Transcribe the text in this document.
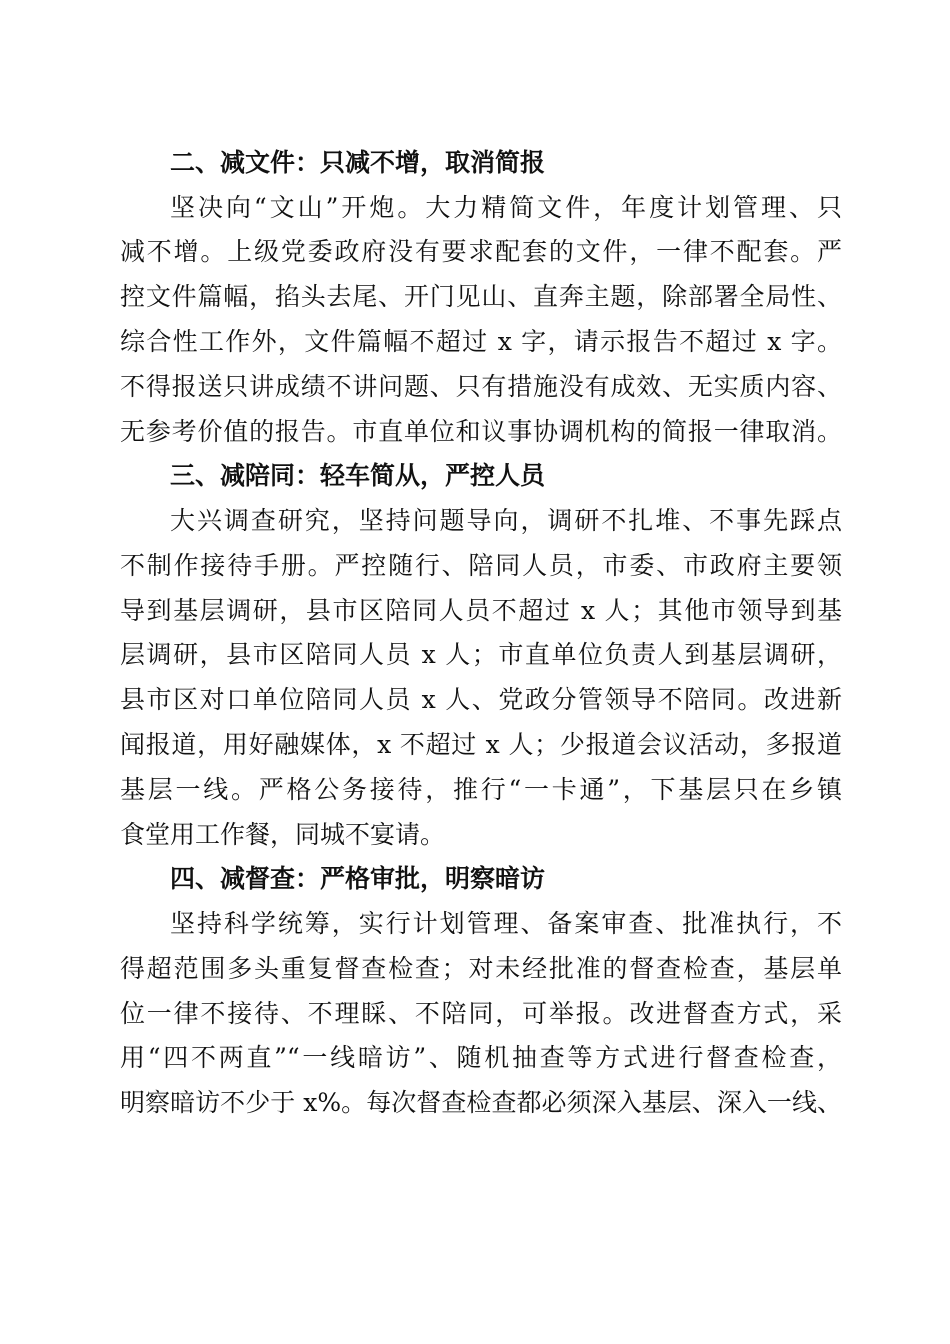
二、减文件：只减不增，取消简报
坚决向“文山”开炮。大力精简文件，年度计划管理、只
减不增。上级党委政府没有要求配套的文件，一律不配套。严
控文件篇幅，掐头去尾、开门见山、直奔主题，除部署全局性、
综合性工作外，文件篇幅不超过 x 字，请示报告不超过 x 字。
不得报送只讲成绩不讲问题、只有措施没有成效、无实质内容、
无参考价值的报告。市直单位和议事协调机构的简报一律取消。
三、减陪同：轻车简从，严控人员
大兴调查研究，坚持问题导向，调研不扎堆、不事先踩点
不制作接待手册。严控随行、陪同人员，市委、市政府主要领
导到基层调研，县市区陪同人员不超过 x 人；其他市领导到基
层调研，县市区陪同人员 x 人；市直单位负责人到基层调研，
县市区对口单位陪同人员 x 人、党政分管领导不陪同。改进新
闻报道，用好融媒体，x 不超过 x 人；少报道会议活动，多报道
基层一线。严格公务接待，推行“一卡通”，下基层只在乡镇
食堂用工作餐，同城不宴请。
四、减督查：严格审批，明察暗访
坚持科学统筹，实行计划管理、备案审查、批准执行，不
得超范围多头重复督查检查；对未经批准的督查检查，基层单
位一律不接待、不理睬、不陪同，可举报。改进督查方式，采
用“四不两直”“一线暗访”、随机抽查等方式进行督查检查，
明察暗访不少于 x%。每次督查检查都必须深入基层、深入一线、
